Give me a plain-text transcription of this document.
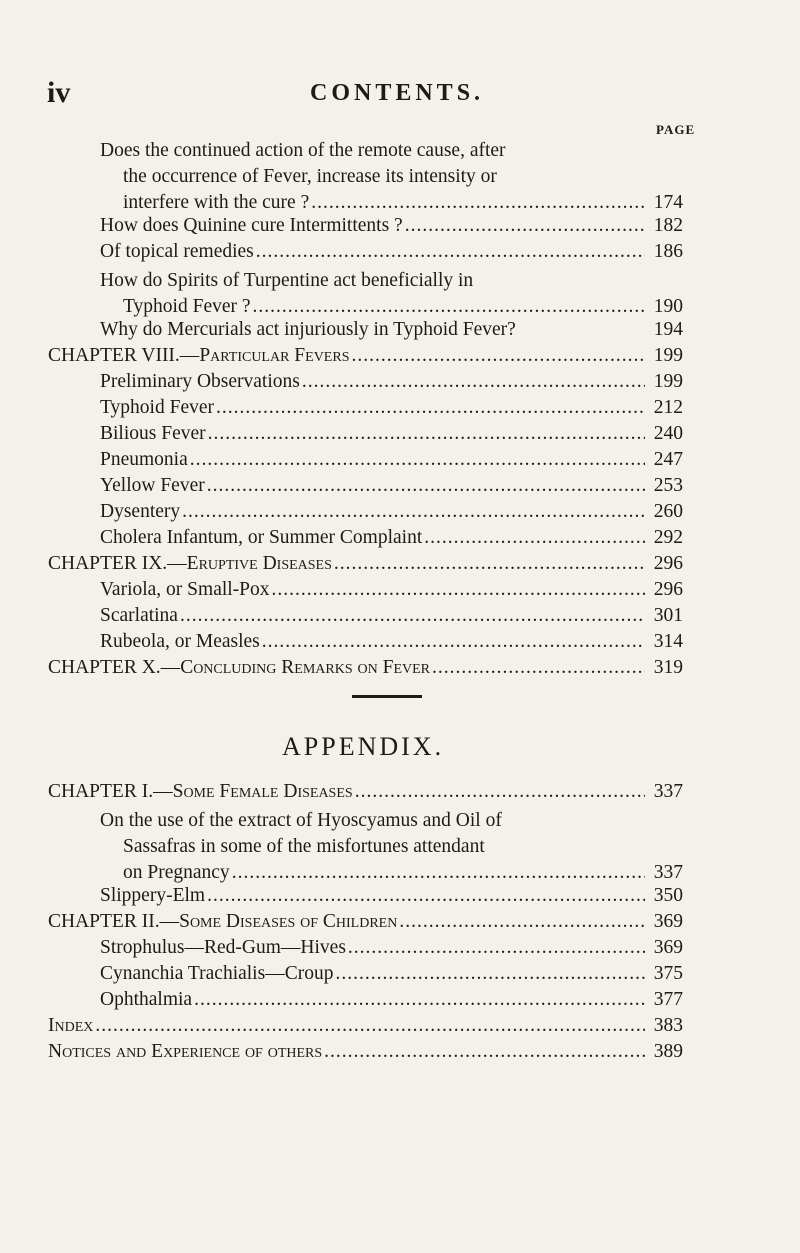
iv	CONTENTS.
PAGE
Does the continued action of the remote cause, after
the occurrence of Fever, increase its intensity or
interfere with the cure ? .....	174
How does Quinine cure Intermittents ? .....	182
Of topical remedies .....	186
How do Spirits of Turpentine act beneficially in
Typhoid Fever ? .....	190
Why do Mercurials act injuriously in Typhoid Fever?	194
CHAPTER VIII.—Particular Fevers .....	199
Preliminary Observations .....	199
Typhoid Fever .....	212
Bilious Fever .....	240
Pneumonia .....	247
Yellow Fever .....	253
Dysentery .....	260
Cholera Infantum, or Summer Complaint .....	292
CHAPTER IX.—Eruptive Diseases .....	296
Variola, or Small-Pox .....	296
Scarlatina .....	301
Rubeola, or Measles .....	314
CHAPTER X.—Concluding Remarks on Fever .....	319
APPENDIX.
CHAPTER I.—Some Female Diseases .....	337
On the use of the extract of Hyoscyamus and Oil of
Sassafras in some of the misfortunes attendant
on Pregnancy .....	337
Slippery-Elm .....	350
CHAPTER II.—Some Diseases of Children .....	369
Strophulus—Red-Gum—Hives .....	369
Cynanchia Trachialis—Croup .....	375
Ophthalmia .....	377
Index .....	383
Notices and Experience of others .....	389
